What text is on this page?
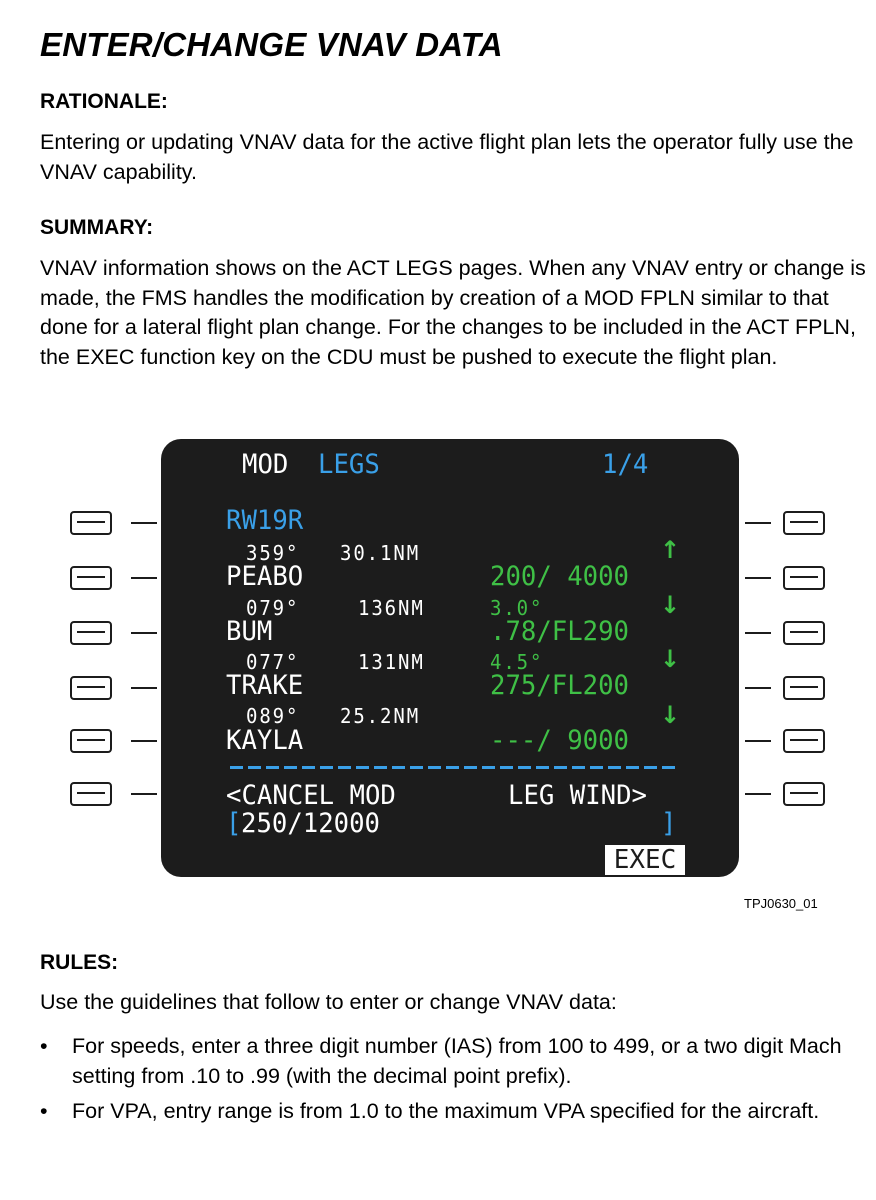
ENTER/CHANGE VNAV DATA
RATIONALE:

Entering or updating VNAV data for the active flight plan lets the operator fully use the VNAV capability.

SUMMARY:

VNAV information shows on the ACT LEGS pages. When any VNAV entry or change is made, the FMS handles the modification by creation of a MOD FPLN similar to that done for a lateral flight plan change. For the changes to be included in the ACT FPLN, the EXEC function key on the CDU must be pushed to execute the flight plan.

MOD LEGS	1/4
RW19R
359° 30.1NM	↑
PEABO	200/ 4000
079°	136NM	3.0°	↓
BUM	.78/FL290
077°	131NM	4.5°	↓
TRAKE	275/FL200
089° 25.2NM	↓
KAYLA	---/ 9000
<CANCEL MOD	LEG WIND>
[ 250/12000	]
EXEC
TPJ0630_01
RULES:

Use the guidelines that follow to enter or change VNAV data:

• For speeds, enter a three digit number (IAS) from 100 to 499, or a two digit Mach setting from .10 to .99 (with the decimal point prefix).
• For VPA, entry range is from 1.0 to the maximum VPA specified for the aircraft.
